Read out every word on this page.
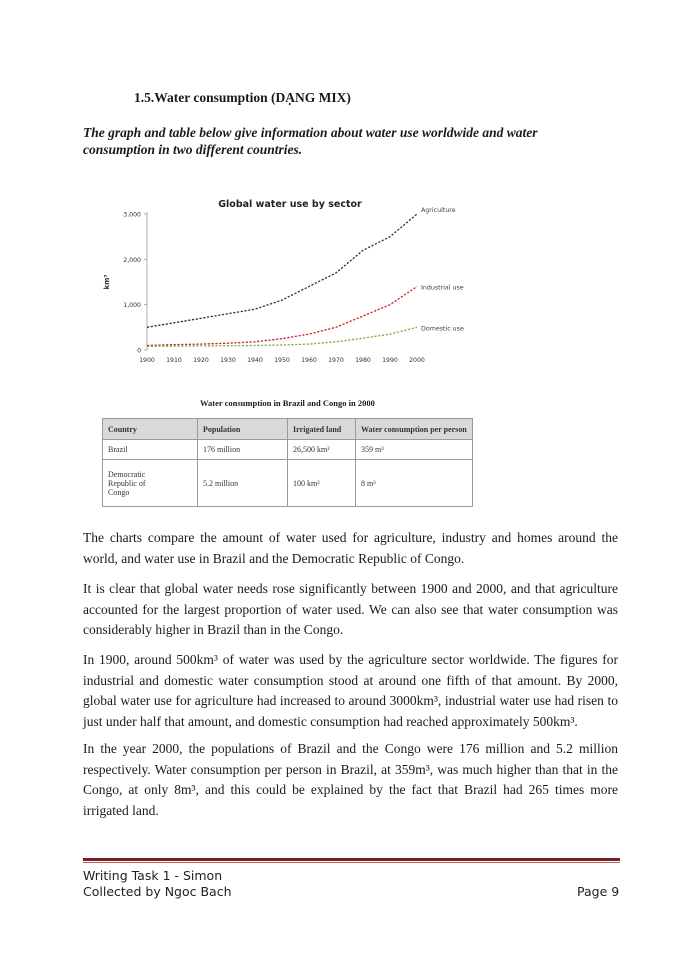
1.5.Water consumption (DẠNG MIX)
The graph and table below give information about water use worldwide and water consumption in two different countries.
Global water use by sector
km³
0
1,000
2,000
3,000
1900 1910 1920 1930 1940 1950 1960 1970 1980 1990 2000
Agriculture
Industrial use
Domestic use
Water consumption in Brazil and Congo in 2000
Country	Population	Irrigated land	Water consumption per person
Brazil	176 million	26,500 km²	359 m³

Democratic Republic of Congo	5.2 million	100 km²	8 m³

The charts compare the amount of water used for agriculture, industry and homes around the world, and water use in Brazil and the Democratic Republic of Congo.

It is clear that global water needs rose significantly between 1900 and 2000, and that agriculture accounted for the largest proportion of water used. We can also see that water consumption was considerably higher in Brazil than in the Congo.

In 1900, around 500km³ of water was used by the agriculture sector worldwide. The figures for industrial and domestic water consumption stood at around one fifth of that amount. By 2000, global water use for agriculture had increased to around 3000km³, industrial water use had risen to just under half that amount, and domestic consumption had reached approximately 500km³.

In the year 2000, the populations of Brazil and the Congo were 176 million and 5.2 million respectively. Water consumption per person in Brazil, at 359m³, was much higher than that in the Congo, at only 8m³, and this could be explained by the fact that Brazil had 265 times more irrigated land.

Writing Task 1 - Simon
Collected by Ngoc Bach	Page 9
